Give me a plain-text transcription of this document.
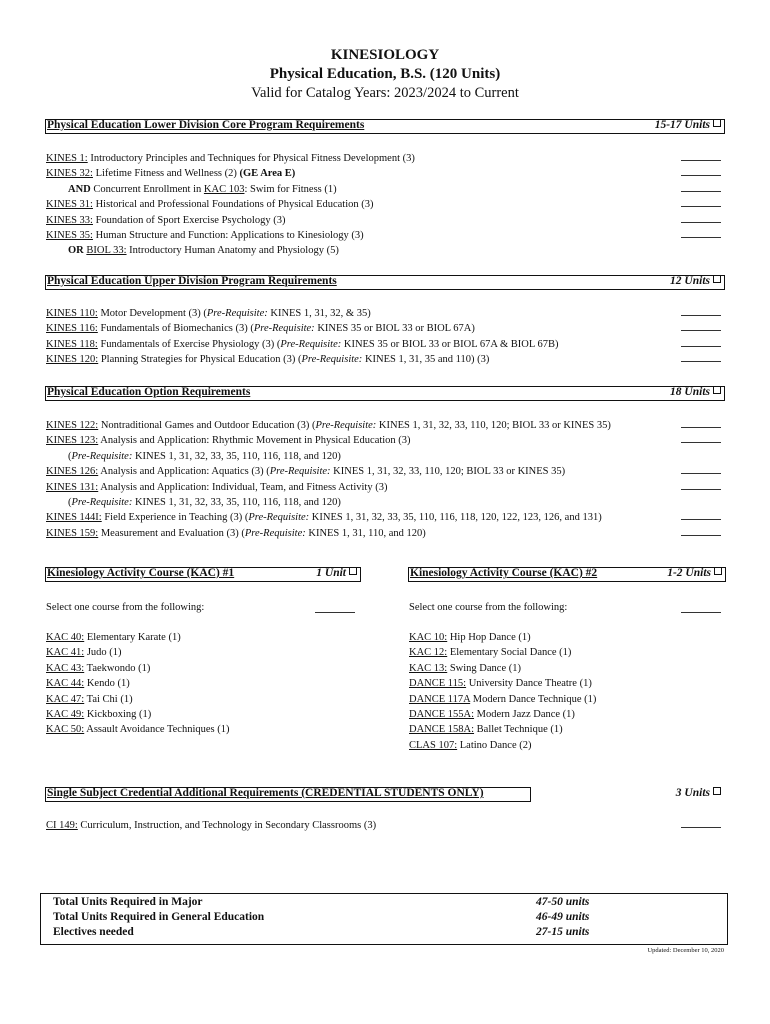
KINESIOLOGY
Physical Education, B.S. (120 Units)
Valid for Catalog Years: 2023/2024 to Current
Physical Education Lower Division Core Program Requirements	15-17 Units
KINES 1: Introductory Principles and Techniques for Physical Fitness Development (3)
KINES 32: Lifetime Fitness and Wellness (2) (GE Area E)
AND Concurrent Enrollment in KAC 103: Swim for Fitness (1)
KINES 31: Historical and Professional Foundations of Physical Education (3)
KINES 33: Foundation of Sport Exercise Psychology (3)
KINES 35: Human Structure and Function: Applications to Kinesiology (3)
OR BIOL 33: Introductory Human Anatomy and Physiology (5)
Physical Education Upper Division Program Requirements	12 Units
KINES 110: Motor Development (3) (Pre-Requisite: KINES 1, 31, 32, & 35)
KINES 116: Fundamentals of Biomechanics (3) (Pre-Requisite: KINES 35 or BIOL 33 or BIOL 67A)
KINES 118: Fundamentals of Exercise Physiology (3) (Pre-Requisite: KINES 35 or BIOL 33 or BIOL 67A & BIOL 67B)
KINES 120: Planning Strategies for Physical Education (3) (Pre-Requisite: KINES 1, 31, 35 and 110) (3)
Physical Education Option Requirements	18 Units
KINES 122: Nontraditional Games and Outdoor Education (3) (Pre-Requisite: KINES 1, 31, 32, 33, 110, 120; BIOL 33 or KINES 35)
KINES 123: Analysis and Application: Rhythmic Movement in Physical Education (3)
(Pre-Requisite: KINES 1, 31, 32, 33, 35, 110, 116, 118, and 120)
KINES 126: Analysis and Application: Aquatics (3) (Pre-Requisite: KINES 1, 31, 32, 33, 110, 120; BIOL 33 or KINES 35)
KINES 131: Analysis and Application: Individual, Team, and Fitness Activity (3)
(Pre-Requisite: KINES 1, 31, 32, 33, 35, 110, 116, 118, and 120)
KINES 144I: Field Experience in Teaching (3) (Pre-Requisite: KINES 1, 31, 32, 33, 35, 110, 116, 118, 120, 122, 123, 126, and 131)
KINES 159: Measurement and Evaluation (3) (Pre-Requisite: KINES 1, 31, 110, and 120)
Kinesiology Activity Course (KAC) #1	1 Unit
Select one course from the following:
KAC 40: Elementary Karate (1)
KAC 41: Judo (1)
KAC 43: Taekwondo (1)
KAC 44: Kendo (1)
KAC 47: Tai Chi (1)
KAC 49: Kickboxing (1)
KAC 50: Assault Avoidance Techniques (1)
Kinesiology Activity Course (KAC) #2	1-2 Units
Select one course from the following:
KAC 10: Hip Hop Dance (1)
KAC 12: Elementary Social Dance (1)
KAC 13: Swing Dance (1)
DANCE 115: University Dance Theatre (1)
DANCE 117A Modern Dance Technique (1)
DANCE 155A: Modern Jazz Dance (1)
DANCE 158A: Ballet Technique (1)
CLAS 107: Latino Dance (2)
Single Subject Credential Additional Requirements (CREDENTIAL STUDENTS ONLY)	3 Units
CI 149: Curriculum, Instruction, and Technology in Secondary Classrooms (3)
Total Units Required in Major	47-50 units
Total Units Required in General Education	46-49 units
Electives needed	27-15 units
Updated: December 10, 2020
